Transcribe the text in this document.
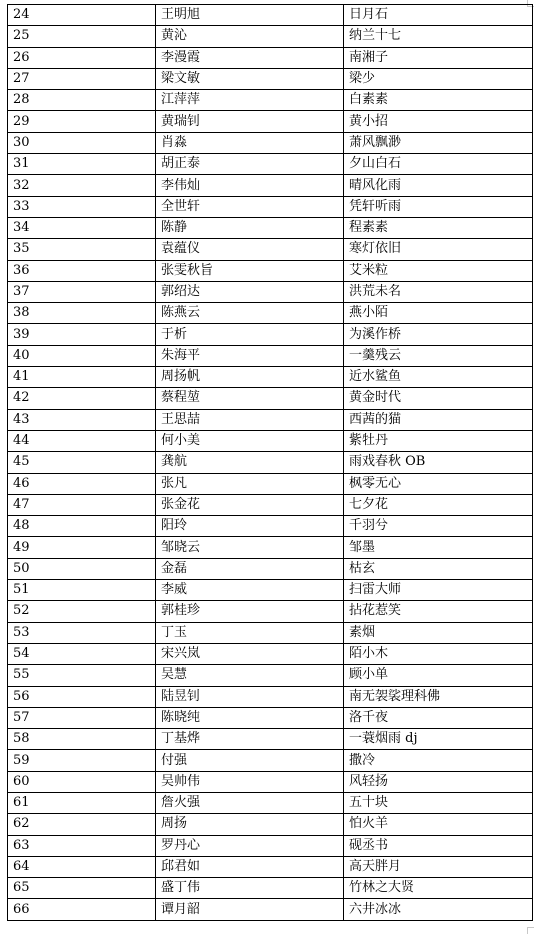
24	王明旭	日月石
25	黄沁	纳兰十七
26	李漫霞	南湘子
27	梁文敏	梁少
28	江萍萍	白素素
29	黄瑞钊	黄小招
30	肖淼	萧风飘渺
31	胡正泰	夕山白石
32	李伟灿	晴风化雨
33	全世轩	凭轩听雨
34	陈静	程素素
35	袁蕴仪	寒灯依旧
36	张雯秋旨	艾米粒
37	郭绍达	洪荒未名
38	陈燕云	燕小陌
39	于析	为溪作桥
40	朱海平	一羹残云
41	周扬帆	近水鲨鱼
42	蔡程堃	黄金时代
43	王思喆	西茜的猫
44	何小美	紫牡丹
45	龚航	雨戏春秋 OB
46	张凡	枫零无心
47	张金花	七夕花
48	阳玲	千羽兮
49	邹晓云	邹墨
50	金磊	枯玄
51	李威	扫雷大师
52	郭桂珍	拈花惹笑
53	丁玉	素烟
54	宋兴岚	陌小木
55	吴慧	顾小单
56	陆昱钊	南无袈裟理科佛
57	陈晓纯	洛千夜
58	丁基烨	一蓑烟雨 dj
59	付强	撒冷
60	吴帅伟	风轻扬
61	詹火强	五十块
62	周扬	怕火羊
63	罗丹心	砚丞书
64	邱君如	高天胖月
65	盛丁伟	竹林之大贤
66	谭月韶	六井冰冰
